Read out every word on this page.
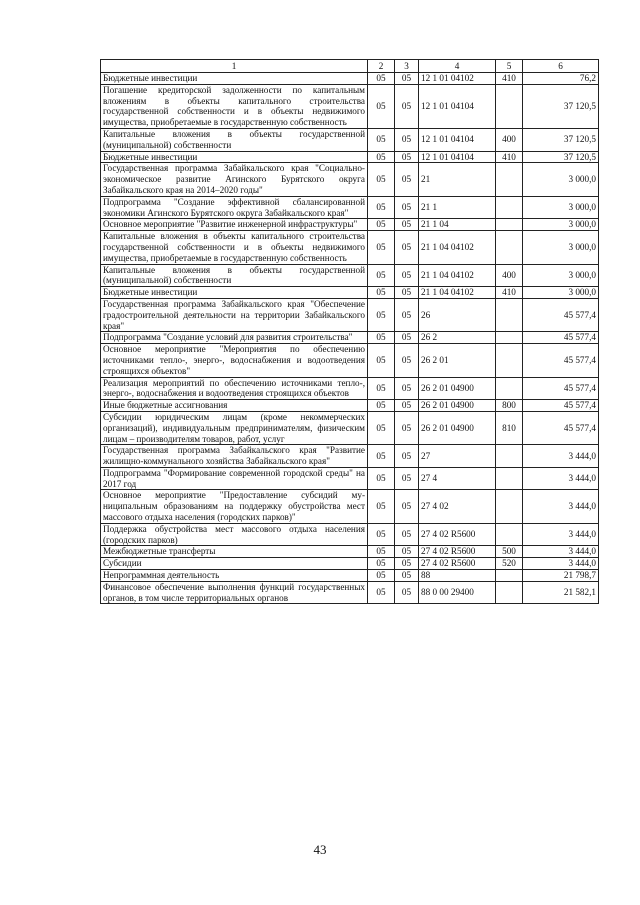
1	2	3	4	5	6
Бюджетные инвестиции	05	05	12 1 01 04102	410	76,2
Погашение кредиторской задолженности по капитальным вложениям в объекты капитального строительства государственной собственности и в объекты недвижимого имущества, приобретаемые в государственную собственность	05	05	12 1 01 04104		37 120,5
Капитальные вложения в объекты государственной (муниципальной) собственности	05	05	12 1 01 04104	400	37 120,5
Бюджетные инвестиции	05	05	12 1 01 04104	410	37 120,5
Государственная программа Забайкальского края "Социально-экономическое развитие Агинского Бурятского округа Забайкальского края на 2014–2020 годы"	05	05	21		3 000,0
Подпрограмма "Создание эффективной сбалансированной экономики Агинского Бурятского округа Забайкальского края"	05	05	21 1		3 000,0
Основное мероприятие "Развитие инженерной инфраструктуры"	05	05	21 1 04		3 000,0
Капитальные вложения в объекты капитального строительства государственной собственности и в объекты недвижимого имущества, приобретаемые в государственную собственность	05	05	21 1 04 04102		3 000,0
Капитальные вложения в объекты государственной (муниципальной) собственности	05	05	21 1 04 04102	400	3 000,0
Бюджетные инвестиции	05	05	21 1 04 04102	410	3 000,0
Государственная программа Забайкальского края "Обеспечение градостроительной деятельности на территории Забайкальского края"	05	05	26		45 577,4
Подпрограмма "Создание условий для развития строительства"	05	05	26 2		45 577,4
Основное мероприятие "Мероприятия по обеспечению источниками тепло-, энерго-, водоснабжения и водоотведения строящихся объектов"	05	05	26 2 01		45 577,4
Реализация мероприятий по обеспечению источниками тепло-, энерго-, водоснабжения и водоотведения строящихся объектов	05	05	26 2 01 04900		45 577,4
Иные бюджетные ассигнования	05	05	26 2 01 04900	800	45 577,4
Субсидии юридическим лицам (кроме некоммерческих организаций), индивидуальным предпринимателям, физическим лицам – производителям товаров, работ, услуг	05	05	26 2 01 04900	810	45 577,4
Государственная программа Забайкальского края "Развитие жилищно-коммунального хозяйства Забайкальского края"	05	05	27		3 444,0
Подпрограмма "Формирование современной городской среды" на 2017 год	05	05	27 4		3 444,0
Основное мероприятие "Предоставление субсидий муниципальным образованиям на поддержку обустройства мест массового отдыха населения (городских парков)"	05	05	27 4 02		3 444,0
Поддержка обустройства мест массового отдыха населения (городских парков)	05	05	27 4 02 R5600		3 444,0
Межбюджетные трансферты	05	05	27 4 02 R5600	500	3 444,0
Субсидии	05	05	27 4 02 R5600	520	3 444,0
Непрограммная деятельность	05	05	88		21 798,7
Финансовое обеспечение выполнения функций государственных органов, в том числе территориальных органов	05	05	88 0 00 29400		21 582,1
43
